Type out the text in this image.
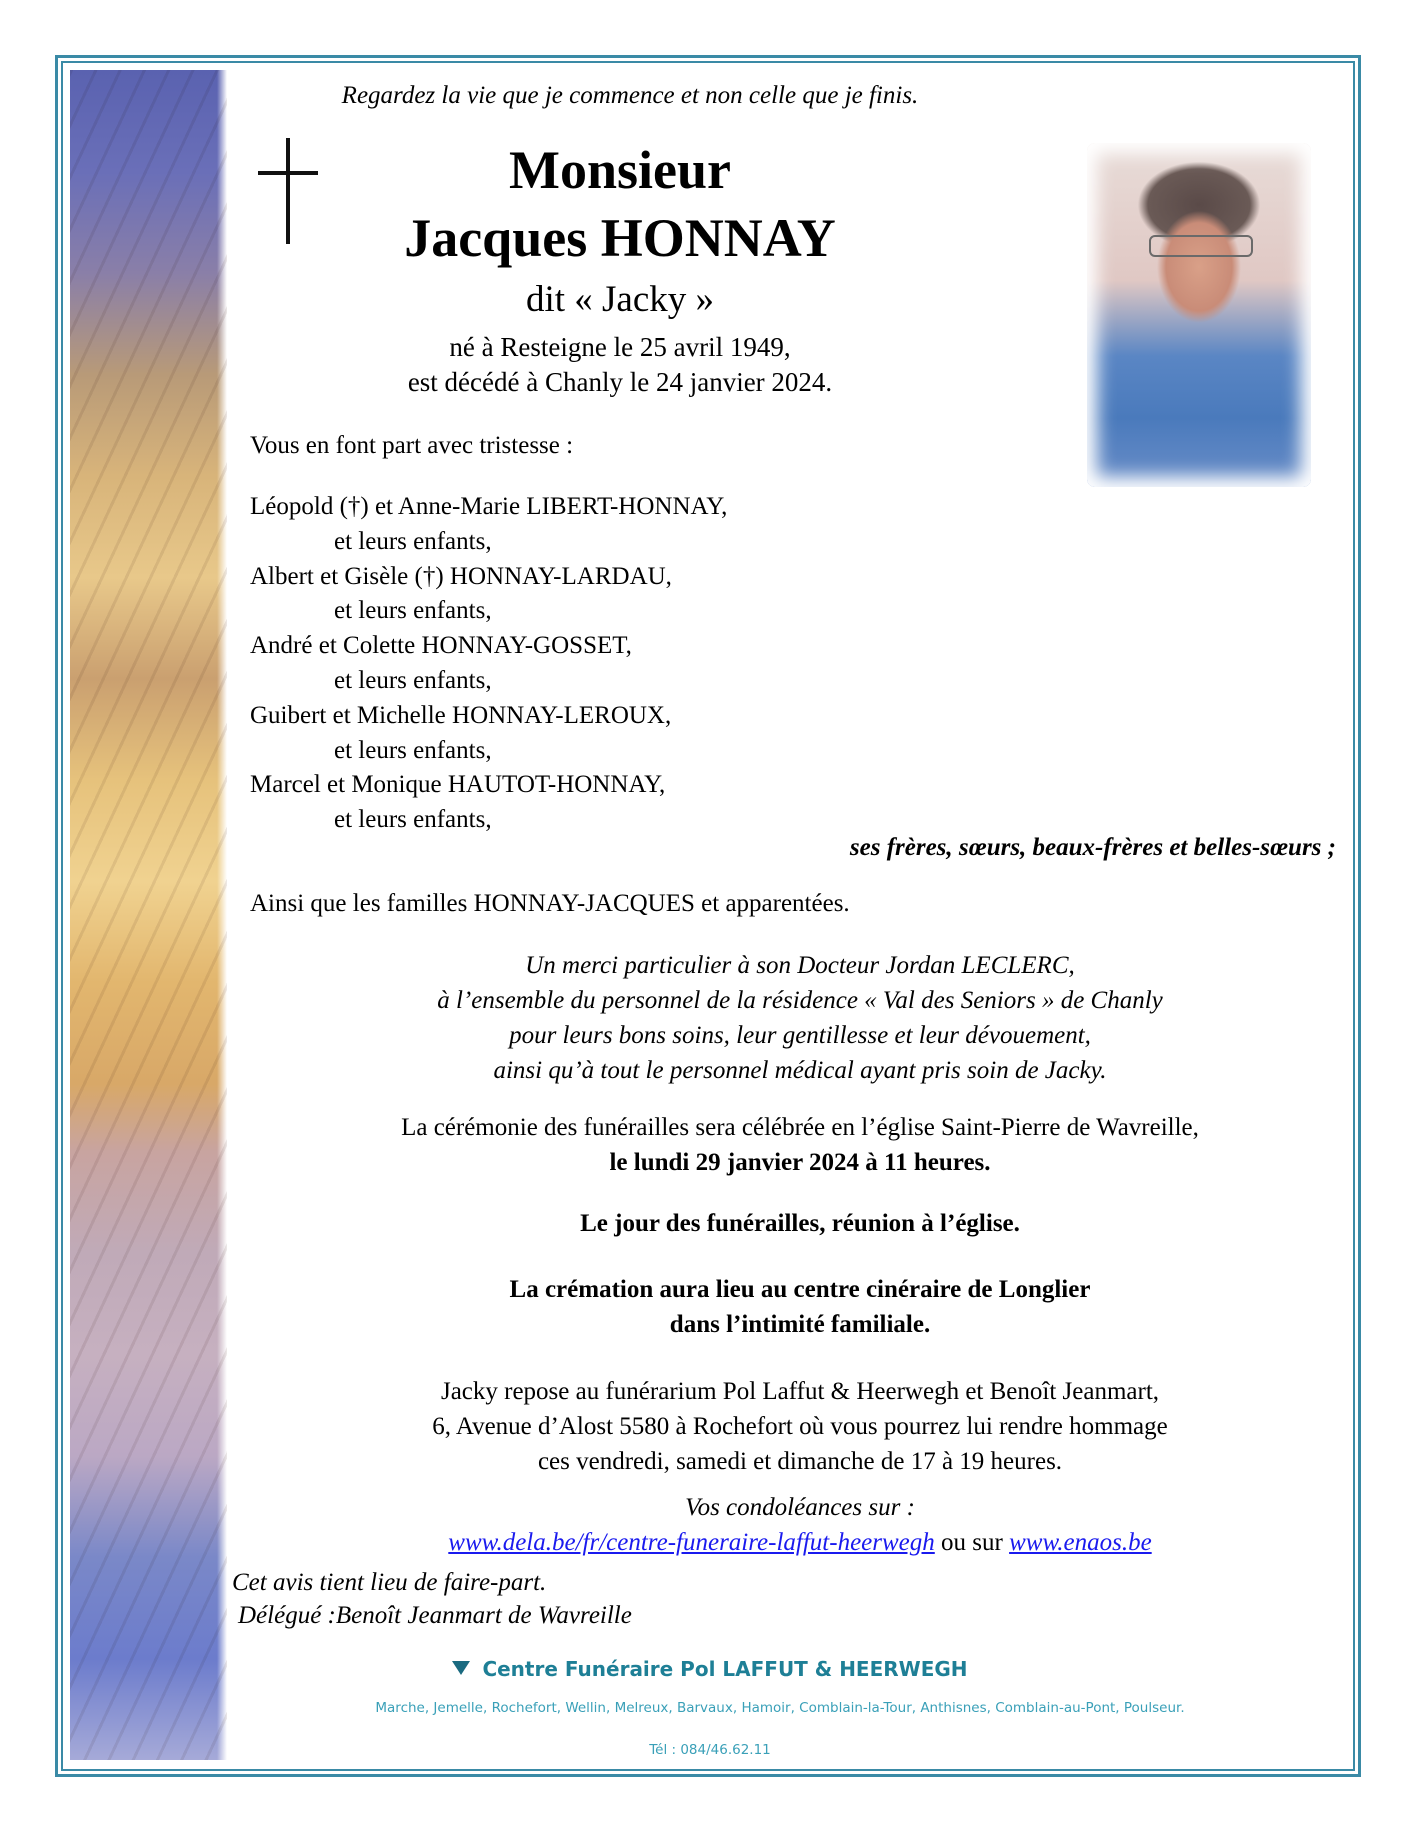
Regardez la vie que je commence et non celle que je finis.
Monsieur
Jacques HONNAY
dit « Jacky »
né à Resteigne le 25 avril 1949,
est décédé à Chanly le 24 janvier 2024.
Vous en font part avec tristesse :
Léopold (†) et Anne-Marie LIBERT-HONNAY,
et leurs enfants,
Albert et Gisèle (†) HONNAY-LARDAU,
et leurs enfants,
André et Colette HONNAY-GOSSET,
et leurs enfants,
Guibert et Michelle HONNAY-LEROUX,
et leurs enfants,
Marcel et Monique HAUTOT-HONNAY,
et leurs enfants,
ses frères, sœurs, beaux-frères et belles-sœurs ;
Ainsi que les familles HONNAY-JACQUES et apparentées.
Un merci particulier à son Docteur Jordan LECLERC,
à l’ensemble du personnel de la résidence « Val des Seniors » de Chanly
pour leurs bons soins, leur gentillesse et leur dévouement,
ainsi qu’à tout le personnel médical ayant pris soin de Jacky.
La cérémonie des funérailles sera célébrée en l’église Saint-Pierre de Wavreille,
le lundi 29 janvier 2024 à 11 heures.
Le jour des funérailles, réunion à l’église.
La crémation aura lieu au centre cinéraire de Longlier
dans l’intimité familiale.
Jacky repose au funérarium Pol Laffut & Heerwegh et Benoît Jeanmart,
6, Avenue d’Alost 5580 à Rochefort où vous pourrez lui rendre hommage
ces vendredi, samedi et dimanche de 17 à 19 heures.
Vos condoléances sur :
www.dela.be/fr/centre-funeraire-laffut-heerwegh ou sur www.enaos.be
Cet avis tient lieu de faire-part.
Délégué :Benoît Jeanmart de Wavreille
Centre Funéraire Pol LAFFUT & HEERWEGH
Marche, Jemelle, Rochefort, Wellin, Melreux, Barvaux, Hamoir, Comblain-la-Tour, Anthisnes, Comblain-au-Pont, Poulseur.
Tél : 084/46.62.11
